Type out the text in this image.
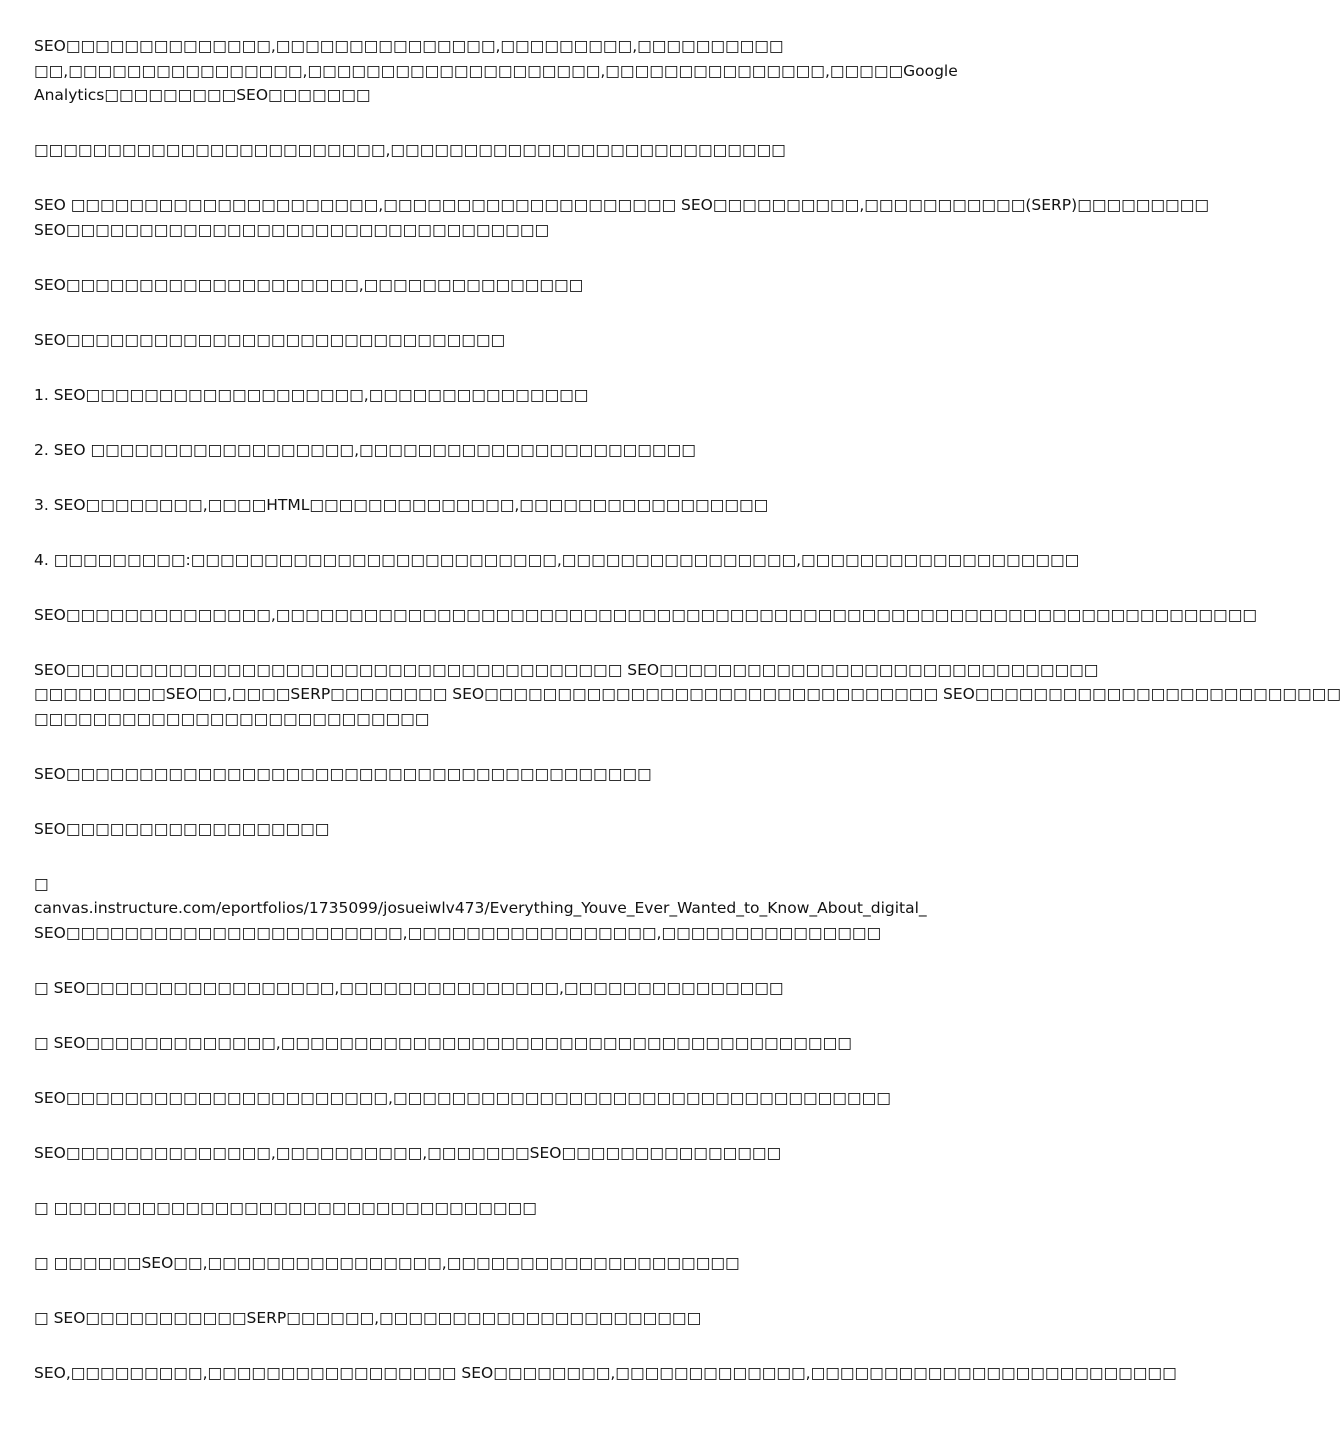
SEO□□□□□□□□□□□□□□,□□□□□□□□□□□□□□□,□□□□□□□□□,□□□□□□□□□□
□□,□□□□□□□□□□□□□□□□,□□□□□□□□□□□□□□□□□□□□,□□□□□□□□□□□□□□□,□□□□□Google
Analytics□□□□□□□□□SEO□□□□□□□

□□□□□□□□□□□□□□□□□□□□□□□□,□□□□□□□□□□□□□□□□□□□□□□□□□□□

SEO □□□□□□□□□□□□□□□□□□□□□,□□□□□□□□□□□□□□□□□□□□ SEO□□□□□□□□□□,□□□□□□□□□□□(SERP)□□□□□□□□□
SEO□□□□□□□□□□□□□□□□□□□□□□□□□□□□□□□□□

SEO□□□□□□□□□□□□□□□□□□□□,□□□□□□□□□□□□□□□

SEO□□□□□□□□□□□□□□□□□□□□□□□□□□□□□□

1. SEO□□□□□□□□□□□□□□□□□□□,□□□□□□□□□□□□□□□

2. SEO □□□□□□□□□□□□□□□□□□,□□□□□□□□□□□□□□□□□□□□□□□

3. SEO□□□□□□□□,□□□□HTML□□□□□□□□□□□□□□,□□□□□□□□□□□□□□□□□

4. □□□□□□□□□:□□□□□□□□□□□□□□□□□□□□□□□□□,□□□□□□□□□□□□□□□□,□□□□□□□□□□□□□□□□□□□

SEO□□□□□□□□□□□□□□,□□□□□□□□□□□□□□□□□□□□□□□□□□□□□□□□□□□□□□□□□□□□□□□□□□□□□□□□□□□□□□□□□□□

SEO□□□□□□□□□□□□□□□□□□□□□□□□□□□□□□□□□□□□□□ SEO□□□□□□□□□□□□□□□□□□□□□□□□□□□□□□
□□□□□□□□□SEO□□,□□□□SERP□□□□□□□□ SEO□□□□□□□□□□□□□□□□□□□□□□□□□□□□□□□ SEO□□□□□□□□□□□□□□□□□□□□□□□□□
□□□□□□□□□□□□□□□□□□□□□□□□□□□

SEO□□□□□□□□□□□□□□□□□□□□□□□□□□□□□□□□□□□□□□□□

SEO□□□□□□□□□□□□□□□□□□

□
canvas.instructure.com/eportfolios/1735099/josueiwlv473/Everything_Youve_Ever_Wanted_to_Know_About_digital_
SEO□□□□□□□□□□□□□□□□□□□□□□□,□□□□□□□□□□□□□□□□□,□□□□□□□□□□□□□□□

□ SEO□□□□□□□□□□□□□□□□□,□□□□□□□□□□□□□□□,□□□□□□□□□□□□□□□

□ SEO□□□□□□□□□□□□□,□□□□□□□□□□□□□□□□□□□□□□□□□□□□□□□□□□□□□□□

SEO□□□□□□□□□□□□□□□□□□□□□□,□□□□□□□□□□□□□□□□□□□□□□□□□□□□□□□□□□

SEO□□□□□□□□□□□□□□,□□□□□□□□□□,□□□□□□□SEO□□□□□□□□□□□□□□□

□ □□□□□□□□□□□□□□□□□□□□□□□□□□□□□□□□□

□ □□□□□□SEO□□,□□□□□□□□□□□□□□□□,□□□□□□□□□□□□□□□□□□□□

□ SEO□□□□□□□□□□□SERP□□□□□□,□□□□□□□□□□□□□□□□□□□□□□

SEO,□□□□□□□□□,□□□□□□□□□□□□□□□□□ SEO□□□□□□□□,□□□□□□□□□□□□□,□□□□□□□□□□□□□□□□□□□□□□□□□
